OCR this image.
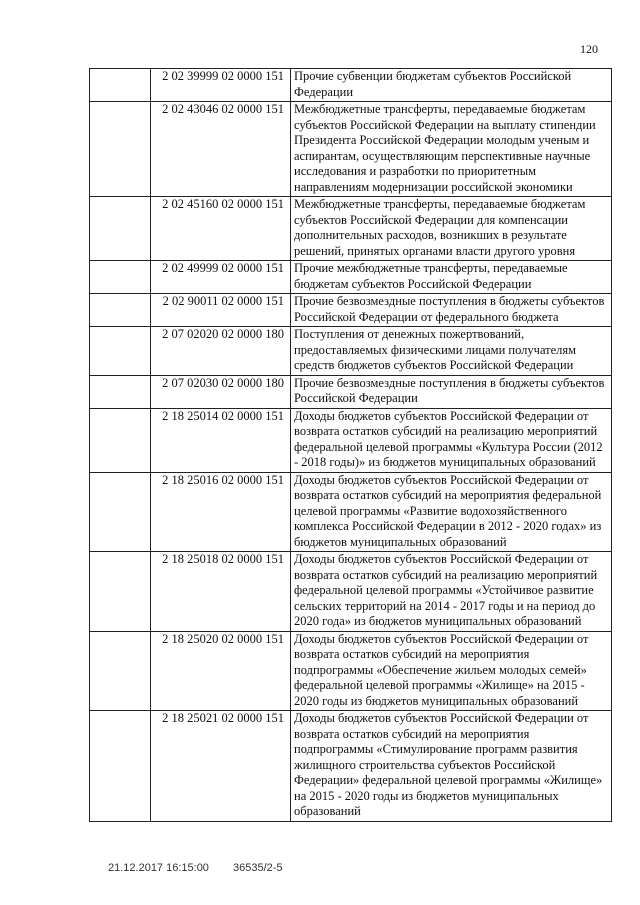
120
	2 02 39999 02 0000 151	Прочие субвенции бюджетам субъектов Российской Федерации
	2 02 43046 02 0000 151	Межбюджетные трансферты, передаваемые бюджетам субъектов Российской Федерации на выплату стипендии Президента Российской Федерации молодым ученым и аспирантам, осуществляющим перспективные научные исследования и разработки по приоритетным направлениям модернизации российской экономики
	2 02 45160 02 0000 151	Межбюджетные трансферты, передаваемые бюджетам субъектов Российской Федерации для компенсации дополнительных расходов, возникших в результате решений, принятых органами власти другого уровня
	2 02 49999 02 0000 151	Прочие межбюджетные трансферты, передаваемые бюджетам субъектов Российской Федерации
	2 02 90011 02 0000 151	Прочие безвозмездные поступления в бюджеты субъектов Российской Федерации от федерального бюджета
	2 07 02020 02 0000 180	Поступления от денежных пожертвований, предоставляемых физическими лицами получателям средств бюджетов субъектов Российской Федерации
	2 07 02030 02 0000 180	Прочие безвозмездные поступления в бюджеты субъектов Российской Федерации
	2 18 25014 02 0000 151	Доходы бюджетов субъектов Российской Федерации от возврата остатков субсидий на реализацию мероприятий федеральной целевой программы «Культура России (2012 - 2018 годы)» из бюджетов муниципальных образований
	2 18 25016 02 0000 151	Доходы бюджетов субъектов Российской Федерации от возврата остатков субсидий на мероприятия федеральной целевой программы «Развитие водохозяйственного комплекса Российской Федерации в 2012 - 2020 годах» из бюджетов муниципальных образований
	2 18 25018 02 0000 151	Доходы бюджетов субъектов Российской Федерации от возврата остатков субсидий на реализацию мероприятий федеральной целевой программы «Устойчивое развитие сельских территорий на 2014 - 2017 годы и на период до 2020 года» из бюджетов муниципальных образований
	2 18 25020 02 0000 151	Доходы бюджетов субъектов Российской Федерации от возврата остатков субсидий на мероприятия подпрограммы «Обеспечение жильем молодых семей» федеральной целевой программы «Жилище» на 2015 - 2020 годы из бюджетов муниципальных образований
	2 18 25021 02 0000 151	Доходы бюджетов субъектов Российской Федерации от возврата остатков субсидий на мероприятия подпрограммы «Стимулирование программ развития жилищного строительства субъектов Российской Федерации» федеральной целевой программы «Жилище» на 2015 - 2020 годы из бюджетов муниципальных образований
21.12.2017 16:15:00 36535/2-5
